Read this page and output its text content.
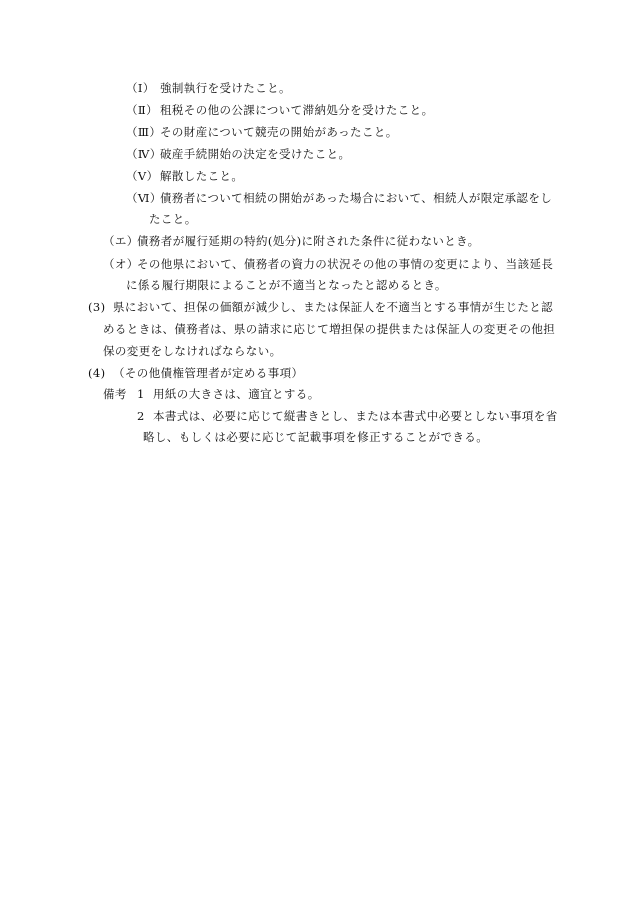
（Ⅰ） 強制執行を受けたこと。
（Ⅱ） 租税その他の公課について滞納処分を受けたこと。
（Ⅲ）その財産について競売の開始があったこと。
（Ⅳ）破産手続開始の決定を受けたこと。
（Ⅴ）解散したこと。
（Ⅵ）債務者について相続の開始があった場合において、相続人が限定承認をし
たこと。
（エ）債務者が履行延期の特約(処分)に附された条件に従わないとき。
（オ）その他県において、債務者の資力の状況その他の事情の変更により、当該延長
に係る履行期限によることが不適当となったと認めるとき。
(3) 県において、担保の価額が減少し、または保証人を不適当とする事情が生じたと認
めるときは、債務者は、県の請求に応じて増担保の提供または保証人の変更その他担
保の変更をしなければならない。
(4) （その他債権管理者が定める事項）
備考 1 用紙の大きさは、適宜とする。
2 本書式は、必要に応じて縦書きとし、または本書式中必要としない事項を省
略し、もしくは必要に応じて記載事項を修正することができる。
